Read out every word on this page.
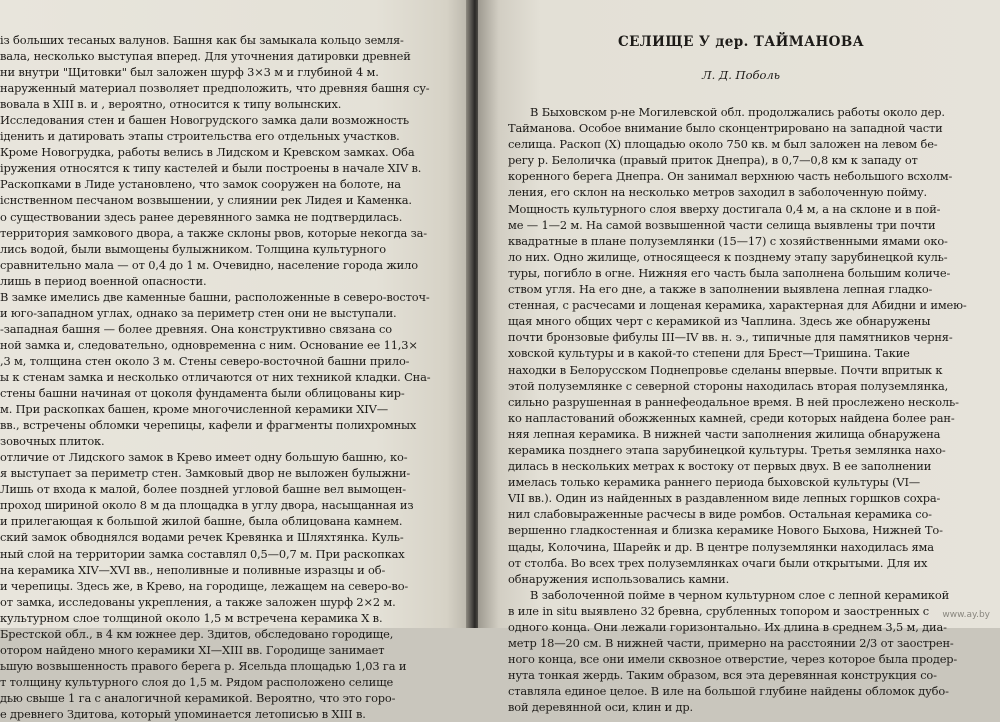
із больших тесаных валунов. Башня как бы замыкала кольцо земля-
вала, несколько выступая вперед. Для уточнения датировки древней
ни внутри "Щитовки" был заложен шурф 3×3 м и глубиной 4 м.
наруженный материал позволяет предположить, что древняя башня су-
вовала в XIII в. и , вероятно, относится к типу волынских.
Исследования стен и башен Новогрудского замка дали возможность
іденить и датировать этапы строительства его отдельных участков.
Кроме Новогрудка, работы велись в Лидском и Кревском замках. Оба
іружения относятся к типу кастелей и были построены в начале XIV в.
Раскопками в Лиде установлено, что замок сооружен на болоте, на
існственном песчаном возвышении, у слиянии рек Лидея и Каменка.
о существовании здесь ранее деревянного замка не подтвердилась.
территория замкового двора, а также склоны рвов, которые некогда за-
лись водой, были вымощены булыжником. Толщина культурного
сравнительно мала — от 0,4 до 1 м. Очевидно, население города жило
лишь в период военной опасности.
В замке имелись две каменные башни, расположенные в северо-восточ-
и юго-западном углах, однако за периметр стен они не выступали.
-западная башня — более древняя. Она конструктивно связана со
ной замка и, следовательно, одновременна с ним. Основание ее 11,3×
,3 м, толщина стен около 3 м. Стены северо-восточной башни прило-
ы к стенам замка и несколько отличаются от них техникой кладки. Сна-
стены башни начиная от цоколя фундамента были облицованы кир-
м. При раскопках башен, кроме многочисленной керамики XIV—
вв., встречены обломки черепицы, кафели и фрагменты полихромных
зовочных плиток.
отличие от Лидского замок в Крево имеет одну большую башню, ко-
я выступает за периметр стен. Замковый двор не выложен булыжни-
Лишь от входа к малой, более поздней угловой башне вел вымощен-
проход шириной около 8 м да площадка в углу двора, насыщанная из
и прилегающая к большой жилой башне, была облицована камнем.
ский замок обводнялся водами речек Кревянка и Шляхтянка. Куль-
ный слой на территории замка составлял 0,5—0,7 м. При раскопках
на керамика XIV—XVI вв., неполивные и поливные изразцы и об-
и черепицы. Здесь же, в Крево, на городище, лежащем на северо-во-
от замка, исследованы укрепления, а также заложен шурф 2×2 м.
культурном слое толщиной около 1,5 м встречена керамика X в.
Брестской обл., в 4 км южнее дер. Здитов, обследовано городище,
отором найдено много керамики XI—XIII вв. Городище занимает
ьшую возвышенность правого берега р. Ясельда площадью 1,03 га и
т толщину культурного слоя до 1,5 м. Рядом расположено селище
дью свыше 1 га с аналогичной керамикой. Вероятно, что это горо-
е древнего Здитова, который упоминается летописью в XIII в.
СЕЛИЩЕ У дер. ТАЙМАНОВА
Л. Д. Поболь
В Быховском р-не Могилевской обл. продолжались работы около дер.
Тайманова. Особое внимание было сконцентрировано на западной части
селища. Раскоп (X) площадью около 750 кв. м был заложен на левом бе-
регу р. Белоличка (правый приток Днепра), в 0,7—0,8 км к западу от
коренного берега Днепра. Он занимал верхнюю часть небольшого всхолм-
ления, его склон на несколько метров заходил в заболоченную пойму.
Мощность культурного слоя вверху достигала 0,4 м, а на склоне и в пой-
ме — 1—2 м. На самой возвышенной части селища выявлены три почти
квадратные в плане полуземлянки (15—17) с хозяйственными ямами око-
ло них. Одно жилище, относящееся к позднему этапу зарубинецкой куль-
туры, погибло в огне. Нижняя его часть была заполнена большим количе-
ством угля. На его дне, а также в заполнении выявлена лепная гладко-
стенная, с расчесами и лощеная керамика, характерная для Абидни и имею-
щая много общих черт с керамикой из Чаплина. Здесь же обнаружены
почти бронзовые фибулы III—IV вв. н. э., типичные для памятников черня-
ховской культуры и в какой-то степени для Брест—Тришина. Такие
находки в Белорусском Поднепровье сделаны впервые. Почти впритык к
этой полуземлянке с северной стороны находилась вторая полуземлянка,
сильно разрушенная в раннефеодальное время. В ней прослежено несколь-
ко напластований обожженных камней, среди которых найдена более ран-
няя лепная керамика. В нижней части заполнения жилища обнаружена
керамика позднего этапа зарубинецкой культуры. Третья землянка нахо-
дилась в нескольких метрах к востоку от первых двух. В ее заполнении
имелась только керамика раннего периода быховской культуры (VI—
VII вв.). Один из найденных в раздавленном виде лепных горшков сохра-
нил слабовыраженные расчесы в виде ромбов. Остальная керамика со-
вершенно гладкостенная и близка керамике Нового Быхова, Нижней То-
щады, Колочина, Шарейк и др. В центре полуземлянки находилась яма
от столба. Во всех трех полуземлянках очаги были открытыми. Для их
обнаружения использовались камни.
В заболоченной пойме в черном культурном слое с лепной керамикой
в иле in situ выявлено 32 бревна, срубленных топором и заостренных с
одного конца. Они лежали горизонтально. Их длина в среднем 3,5 м, диа-
метр 18—20 см. В нижней части, примерно на расстоянии 2/3 от заострен-
ного конца, все они имели сквозное отверстие, через которое была продер-
нута тонкая жердь. Таким образом, вся эта деревянная конструкция со-
ставляла единое целое. В иле на большой глубине найдены обломок дубо-
вой деревянной оси, клин и др.
www.ay.by
